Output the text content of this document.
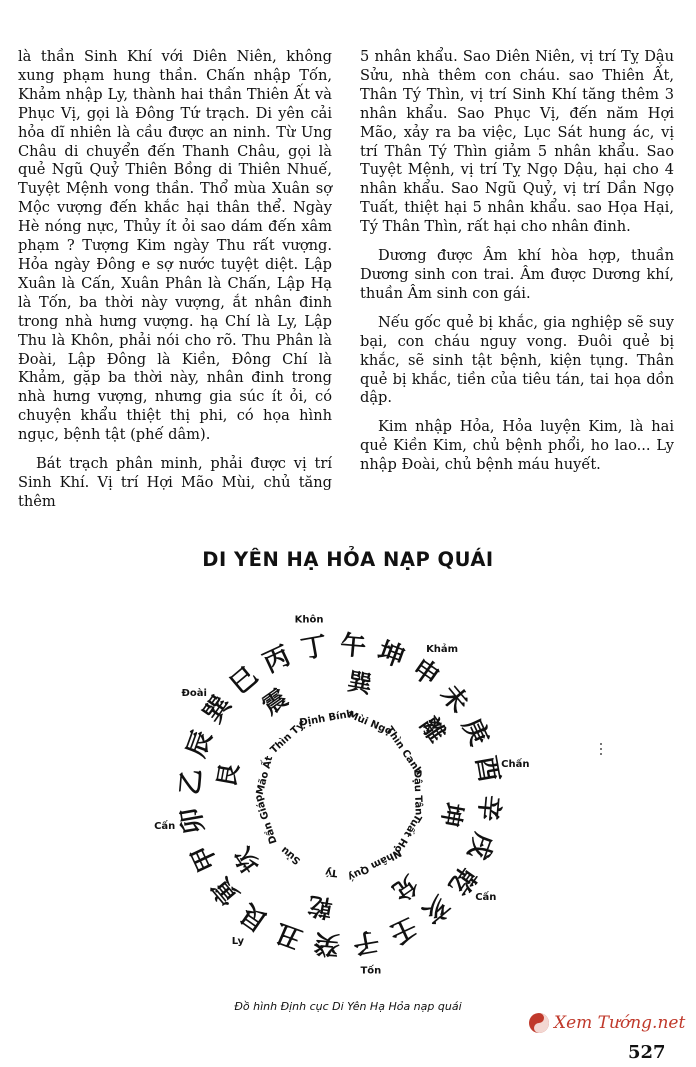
là thần Sinh Khí với Diên Niên, không xung phạm hung thần. Chấn nhập Tốn, Khảm nhập Ly, thành hai thần Thiên Ất và Phục Vị, gọi là Đông Tứ trạch. Di yên cải hỏa dĩ nhiên là cầu được an ninh. Từ Ung Châu di chuyển đến Thanh Châu, gọi là quẻ Ngũ Quỷ Thiên Bồng di Thiên Nhuế, Tuyệt Mệnh vong thần. Thổ mùa Xuân sợ Mộc vượng đến khắc hại thân thể. Ngày Hè nóng nực, Thủy ít ỏi sao dám đến xâm phạm ? Tượng Kim ngày Thu rất vượng. Hỏa ngày Đông e sợ nước tuyệt diệt. Lập Xuân là Cấn, Xuân Phân là Chấn, Lập Hạ là Tốn, ba thời này vượng, ắt nhân đinh trong nhà hưng vượng. hạ Chí là Ly, Lập Thu là Khôn, phải nói cho rõ. Thu Phân là Đoài, Lập Đông là Kiền, Đông Chí là Khảm, gặp ba thời này, nhân đinh trong nhà hưng vượng, nhưng gia súc ít ỏi, có chuyện khẩu thiệt thị phi, có họa hình ngục, bệnh tật (phế dâm).

Bát trạch phân minh, phải được vị trí Sinh Khí. Vị trí Hợi Mão Mùi, chủ tăng thêm

5 nhân khẩu. Sao Diên Niên, vị trí Tỵ Dậu Sửu, nhà thêm con cháu. sao Thiên Ất, Thân Tý Thìn, vị trí Sinh Khí tăng thêm 3 nhân khẩu. Sao Phục Vị, đến năm Hợi Mão, xảy ra ba việc, Lục Sát hung ác, vị trí Thân Tý Thìn giảm 5 nhân khẩu. Sao Tuyệt Mệnh, vị trí Tỵ Ngọ Dậu, hại cho 4 nhân khẩu. Sao Ngũ Quỷ, vị trí Dần Ngọ Tuất, thiệt hại 5 nhân khẩu. sao Họa Hại, Tý Thân Thìn, rất hại cho nhân đinh.

Dương được Âm khí hòa hợp, thuần Dương sinh con trai. Âm được Dương khí, thuần Âm sinh con gái.

Nếu gốc quẻ bị khắc, gia nghiệp sẽ suy bại, con cháu nguy vong. Đuôi quẻ bị khắc, sẽ sinh tật bệnh, kiện tụng. Thân quẻ bị khắc, tiền của tiêu tán, tai họa dồn dập.

Kim nhập Hỏa, Hỏa luyện Kim, là hai quẻ Kiền Kim, chủ bệnh phổi, ho lao... Ly nhập Đoài, chủ bệnh máu huyết.

DI YÊN HẠ HỎA NẠP QUÁI
丁 午 坤
申
未
庚
酉
辛
戌
乾
亥
壬
子
癸
丑
艮
寅
甲
卯
乙
辰
巽
巳
丙
巽
離
坤
兌
乾
坎
艮
震 Định Bính
Mùi Ngọ
Thìn Canh
Dậu Tân
Tuất Hợi
Nhâm Quý
Tý
Sửu
Dần Giáp
Mão Ất
Thìn Tỵ
Tốn
Ly
Cấn
Đoài
Khôn
Khảm
Chấn
Cấn
Đồ hình Định cục Di Yên Hạ Hỏa nạp quái
Xem Tướng.net
527
